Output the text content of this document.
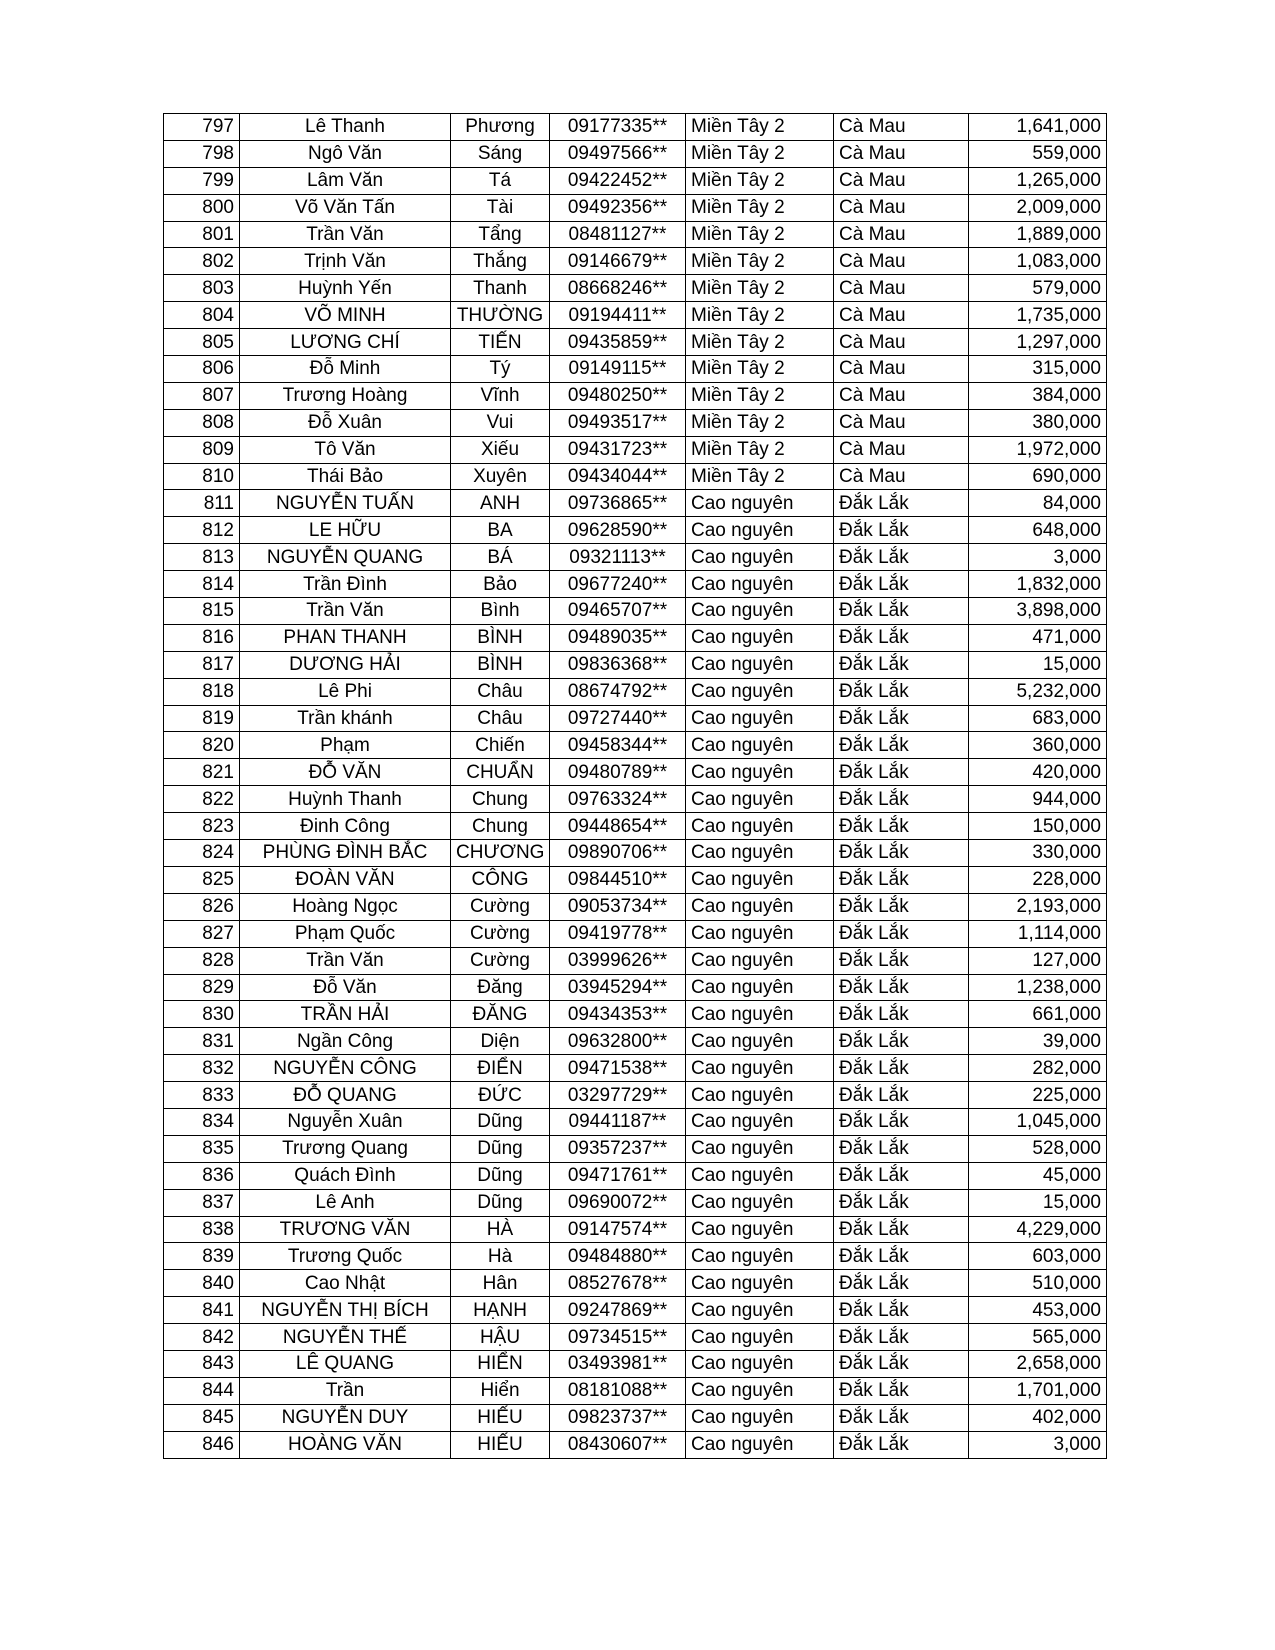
797	Lê Thanh	Phương	09177335**	Miền Tây 2	Cà Mau	1,641,000
798	Ngô Văn	Sáng	09497566**	Miền Tây 2	Cà Mau	559,000
799	Lâm Văn	Tá	09422452**	Miền Tây 2	Cà Mau	1,265,000
800	Võ Văn Tấn	Tài	09492356**	Miền Tây 2	Cà Mau	2,009,000
801	Trần Văn	Tẩng	08481127**	Miền Tây 2	Cà Mau	1,889,000
802	Trịnh Văn	Thắng	09146679**	Miền Tây 2	Cà Mau	1,083,000
803	Huỳnh Yến	Thanh	08668246**	Miền Tây 2	Cà Mau	579,000
804	VÕ MINH	THƯỜNG	09194411**	Miền Tây 2	Cà Mau	1,735,000
805	LƯƠNG CHÍ	TIẾN	09435859**	Miền Tây 2	Cà Mau	1,297,000
806	Đỗ Minh	Tý	09149115**	Miền Tây 2	Cà Mau	315,000
807	Trương Hoàng	Vĩnh	09480250**	Miền Tây 2	Cà Mau	384,000
808	Đỗ Xuân	Vui	09493517**	Miền Tây 2	Cà Mau	380,000
809	Tô Văn	Xiếu	09431723**	Miền Tây 2	Cà Mau	1,972,000
810	Thái Bảo	Xuyên	09434044**	Miền Tây 2	Cà Mau	690,000
811	NGUYỄN TUẤN	ANH	09736865**	Cao nguyên	Đắk Lắk	84,000
812	LE HỮU	BA	09628590**	Cao nguyên	Đắk Lắk	648,000
813	NGUYỄN QUANG	BÁ	09321113**	Cao nguyên	Đắk Lắk	3,000
814	Trần Đình	Bảo	09677240**	Cao nguyên	Đắk Lắk	1,832,000
815	Trần Văn	Bình	09465707**	Cao nguyên	Đắk Lắk	3,898,000
816	PHAN THANH	BÌNH	09489035**	Cao nguyên	Đắk Lắk	471,000
817	DƯƠNG HẢI	BÌNH	09836368**	Cao nguyên	Đắk Lắk	15,000
818	Lê Phi	Châu	08674792**	Cao nguyên	Đắk Lắk	5,232,000
819	Trần khánh	Châu	09727440**	Cao nguyên	Đắk Lắk	683,000
820	Phạm	Chiến	09458344**	Cao nguyên	Đắk Lắk	360,000
821	ĐỖ VĂN	CHUẨN	09480789**	Cao nguyên	Đắk Lắk	420,000
822	Huỳnh Thanh	Chung	09763324**	Cao nguyên	Đắk Lắk	944,000
823	Đinh Công	Chung	09448654**	Cao nguyên	Đắk Lắk	150,000
824	PHÙNG ĐÌNH BẮC	CHƯƠNG	09890706**	Cao nguyên	Đắk Lắk	330,000
825	ĐOÀN VĂN	CÔNG	09844510**	Cao nguyên	Đắk Lắk	228,000
826	Hoàng Ngọc	Cường	09053734**	Cao nguyên	Đắk Lắk	2,193,000
827	Phạm Quốc	Cường	09419778**	Cao nguyên	Đắk Lắk	1,114,000
828	Trần Văn	Cường	03999626**	Cao nguyên	Đắk Lắk	127,000
829	Đỗ Văn	Đăng	03945294**	Cao nguyên	Đắk Lắk	1,238,000
830	TRẦN HẢI	ĐĂNG	09434353**	Cao nguyên	Đắk Lắk	661,000
831	Ngần Công	Diện	09632800**	Cao nguyên	Đắk Lắk	39,000
832	NGUYỄN CÔNG	ĐIỂN	09471538**	Cao nguyên	Đắk Lắk	282,000
833	ĐỖ QUANG	ĐỨC	03297729**	Cao nguyên	Đắk Lắk	225,000
834	Nguyễn Xuân	Dũng	09441187**	Cao nguyên	Đắk Lắk	1,045,000
835	Trương Quang	Dũng	09357237**	Cao nguyên	Đắk Lắk	528,000
836	Quách Đình	Dũng	09471761**	Cao nguyên	Đắk Lắk	45,000
837	Lê Anh	Dũng	09690072**	Cao nguyên	Đắk Lắk	15,000
838	TRƯƠNG VĂN	HÀ	09147574**	Cao nguyên	Đắk Lắk	4,229,000
839	Trương Quốc	Hà	09484880**	Cao nguyên	Đắk Lắk	603,000
840	Cao Nhật	Hân	08527678**	Cao nguyên	Đắk Lắk	510,000
841	NGUYỄN THỊ BÍCH	HẠNH	09247869**	Cao nguyên	Đắk Lắk	453,000
842	NGUYỄN THẾ	HẬU	09734515**	Cao nguyên	Đắk Lắk	565,000
843	LÊ QUANG	HIỂN	03493981**	Cao nguyên	Đắk Lắk	2,658,000
844	Trần	Hiển	08181088**	Cao nguyên	Đắk Lắk	1,701,000
845	NGUYỄN DUY	HIẾU	09823737**	Cao nguyên	Đắk Lắk	402,000
846	HOÀNG VĂN	HIẾU	08430607**	Cao nguyên	Đắk Lắk	3,000
